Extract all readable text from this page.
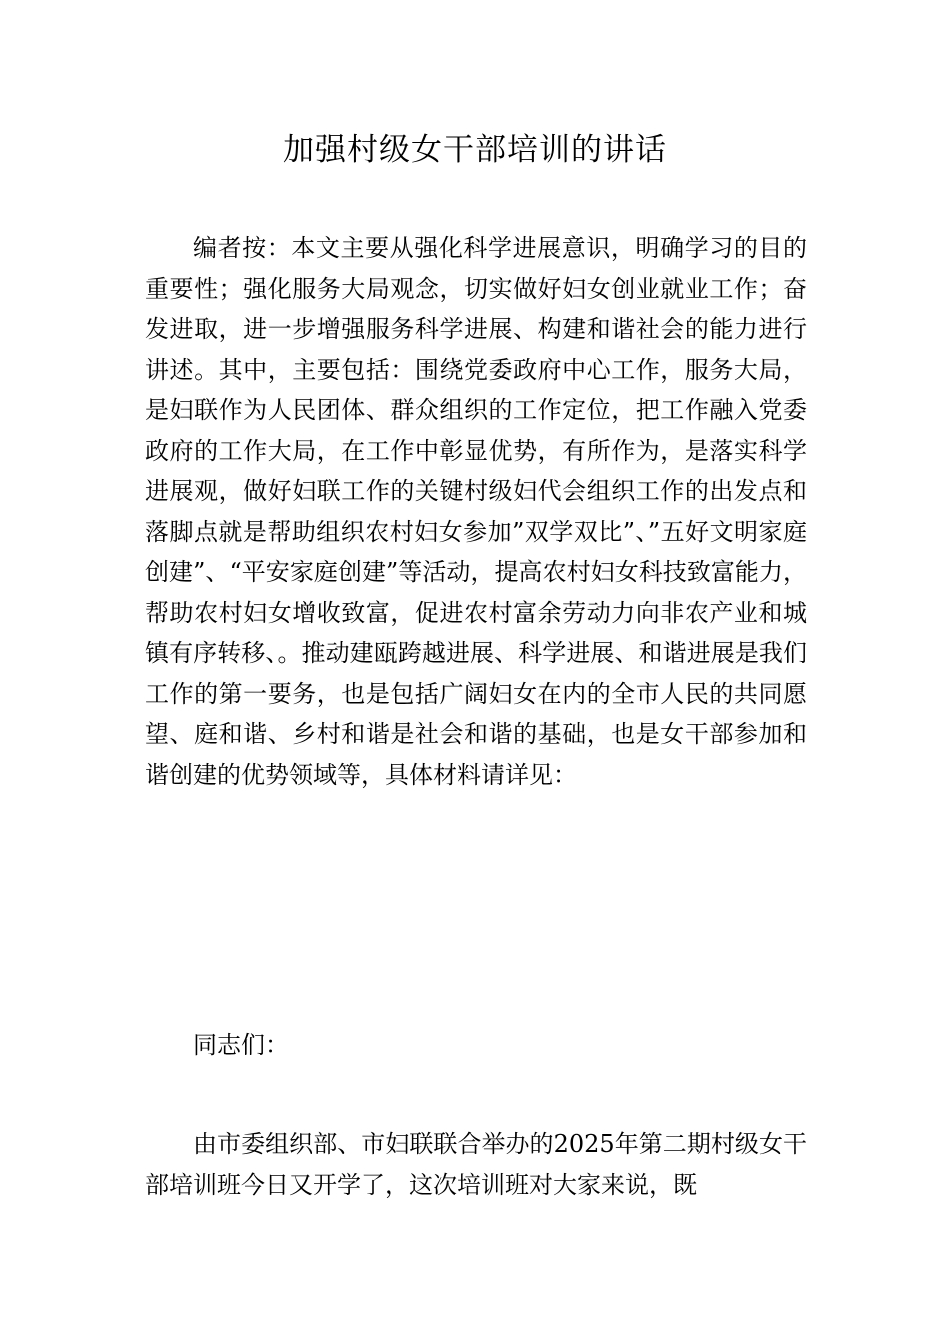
加强村级女干部培训的讲话

编者按：本文主要从强化科学进展意识，明确学习的目的重要性；强化服务大局观念，切实做好妇女创业就业工作；奋发进取，进一步增强服务科学进展、构建和谐社会的能力进行讲述。其中，主要包括：围绕党委政府中心工作，服务大局，是妇联作为人民团体、群众组织的工作定位，把工作融入党委政府的工作大局，在工作中彰显优势，有所作为，是落实科学进展观，做好妇联工作的关键村级妇代会组织工作的出发点和落脚点就是帮助组织农村妇女参加”双学双比”、”五好文明家庭创建”、“平安家庭创建”等活动，提高农村妇女科技致富能力，帮助农村妇女增收致富，促进农村富余劳动力向非农产业和城镇有序转移、。推动建瓯跨越进展、科学进展、和谐进展是我们工作的第一要务，也是包括广阔妇女在内的全市人民的共同愿望、庭和谐、乡村和谐是社会和谐的基础，也是女干部参加和谐创建的优势领域等，具体材料请详见：

同志们：

由市委组织部、市妇联联合举办的2025年第二期村级女干部培训班今日又开学了，这次培训班对大家来说，既
